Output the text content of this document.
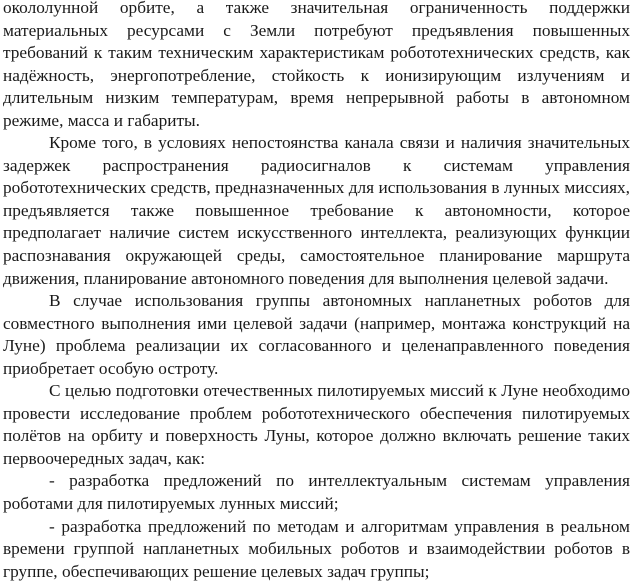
окололунной орбите, а также значительная ограниченность поддержки материальных ресурсами с Земли потребуют предъявления повышенных требований к таким техническим характеристикам робототехнических средств, как надёжность, энергопотребление, стойкость к ионизирующим излучениям и длительным низким температурам, время непрерывной работы в автономном режиме, масса и габариты.

Кроме того, в условиях непостоянства канала связи и наличия значительных задержек распространения радиосигналов к системам управления робототехнических средств, предназначенных для использования в лунных миссиях, предъявляется также повышенное требование к автономности, которое предполагает наличие систем искусственного интеллекта, реализующих функции распознавания окружающей среды, самостоятельное планирование маршрута движения, планирование автономного поведения для выполнения целевой задачи.

В случае использования группы автономных напланетных роботов для совместного выполнения ими целевой задачи (например, монтажа конструкций на Луне) проблема реализации их согласованного и целенаправленного поведения приобретает особую остроту.

С целью подготовки отечественных пилотируемых миссий к Луне необходимо провести исследование проблем робототехнического обеспечения пилотируемых полётов на орбиту и поверхность Луны, которое должно включать решение таких первоочередных задач, как:

- разработка предложений по интеллектуальным системам управления роботами для пилотируемых лунных миссий;

- разработка предложений по методам и алгоритмам управления в реальном времени группой напланетных мобильных роботов и взаимодействии роботов в группе, обеспечивающих решение целевых задач группы;
